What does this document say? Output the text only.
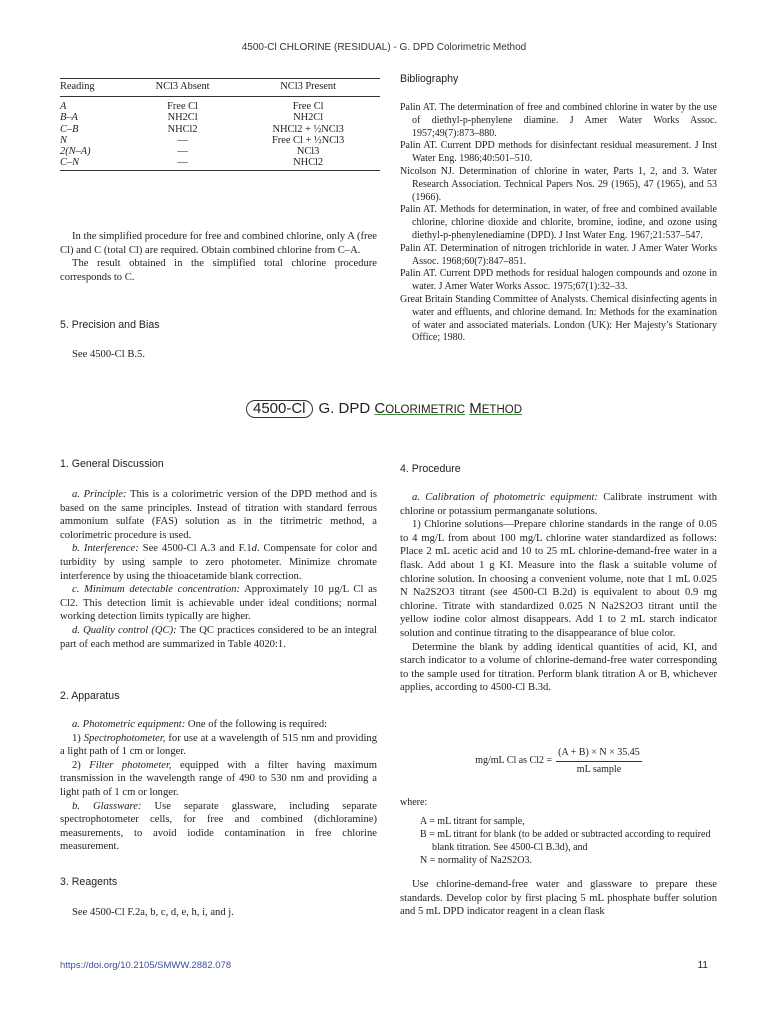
4500-Cl CHLORINE (RESIDUAL) - G. DPD Colorimetric Method
Reading	NCl3 Absent	NCl3 Present
A	Free Cl	Free Cl
B–A	NH2Cl	NH2Cl
C–B	NHCl2	NHCl2 + ½NCl3
N	—	Free Cl + ½NCl3
2(N–A)	—	NCl3
C–N	—	NHCl2

In the simplified procedure for free and combined chlorine, only A (free Cl) and C (total Cl) are required. Obtain combined chlorine from C–A.

The result obtained in the simplified total chlorine procedure corresponds to C.

5. Precision and Bias

See 4500-Cl B.5.

Bibliography
Palin AT. The determination of free and combined chlorine in water by the use of diethyl-p-phenylene diamine. J Amer Water Works Assoc. 1957;49(7):873–880.
Palin AT. Current DPD methods for disinfectant residual measurement. J Inst Water Eng. 1986;40:501–510.
Nicolson NJ. Determination of chlorine in water, Parts 1, 2, and 3. Water Research Association. Technical Papers Nos. 29 (1965), 47 (1965), and 53 (1966).
Palin AT. Methods for determination, in water, of free and combined available chlorine, chlorine dioxide and chlorite, bromine, iodine, and ozone using diethyl-p-phenylenediamine (DPD). J Inst Water Eng. 1967;21:537–547.
Palin AT. Determination of nitrogen trichloride in water. J Amer Water Works Assoc. 1968;60(7):847–851.
Palin AT. Current DPD methods for residual halogen compounds and ozone in water. J Amer Water Works Assoc. 1975;67(1):32–33.
Great Britain Standing Committee of Analysts. Chemical disinfecting agents in water and effluents, and chlorine demand. In: Methods for the examination of water and associated materials. London (UK): Her Majesty’s Stationary Office; 1980.
4500-Cl G. DPD COLORIMETRIC METHOD
1. General Discussion

a. Principle: This is a colorimetric version of the DPD method and is based on the same principles. Instead of titration with standard ferrous ammonium sulfate (FAS) solution as in the titrimetric method, a colorimetric procedure is used.

b. Interference: See 4500-Cl A.3 and F.1d. Compensate for color and turbidity by using sample to zero photometer. Minimize chromate interference by using the thioacetamide blank correction.

c. Minimum detectable concentration: Approximately 10 µg/L Cl as Cl2. This detection limit is achievable under ideal conditions; normal working detection limits typically are higher.

d. Quality control (QC): The QC practices considered to be an integral part of each method are summarized in Table 4020:1.

2. Apparatus

a. Photometric equipment: One of the following is required:

1) Spectrophotometer, for use at a wavelength of 515 nm and providing a light path of 1 cm or longer.

2) Filter photometer, equipped with a filter having maximum transmission in the wavelength range of 490 to 530 nm and providing a light path of 1 cm or longer.

b. Glassware: Use separate glassware, including separate spectrophotometer cells, for free and combined (dichloramine) measurements, to avoid iodide contamination in free chlorine measurement.

3. Reagents

See 4500-Cl F.2a, b, c, d, e, h, i, and j.

4. Procedure

a. Calibration of photometric equipment: Calibrate instrument with chlorine or potassium permanganate solutions.

1) Chlorine solutions—Prepare chlorine standards in the range of 0.05 to 4 mg/L from about 100 mg/L chlorine water standardized as follows: Place 2 mL acetic acid and 10 to 25 mL chlorine-demand-free water in a flask. Add about 1 g KI. Measure into the flask a suitable volume of chlorine solution. In choosing a convenient volume, note that 1 mL 0.025 N Na2S2O3 titrant (see 4500-Cl B.2d) is equivalent to about 0.9 mg chlorine. Titrate with standardized 0.025 N Na2S2O3 titrant until the yellow iodine color almost disappears. Add 1 to 2 mL starch indicator solution and continue titrating to the disappearance of blue color.

Determine the blank by adding identical quantities of acid, KI, and starch indicator to a volume of chlorine-demand-free water corresponding to the sample used for titration. Perform blank titration A or B, whichever applies, according to 4500-Cl B.3d.

mg/mL Cl as $Cl2 = \frac{(A + B) \times N \times 35.45}{\text{mL sample}}$
where:
A = mL titrant for sample,
B = mL titrant for blank (to be added or subtracted according to required blank titration. See 4500-Cl B.3d), and
N = normality of Na2S2O3.

Use chlorine-demand-free water and glassware to prepare these standards. Develop color by first placing 5 mL phosphate buffer solution and 5 mL DPD indicator reagent in a clean flask

https://doi.org/10.2105/SMWW.2882.078	11
